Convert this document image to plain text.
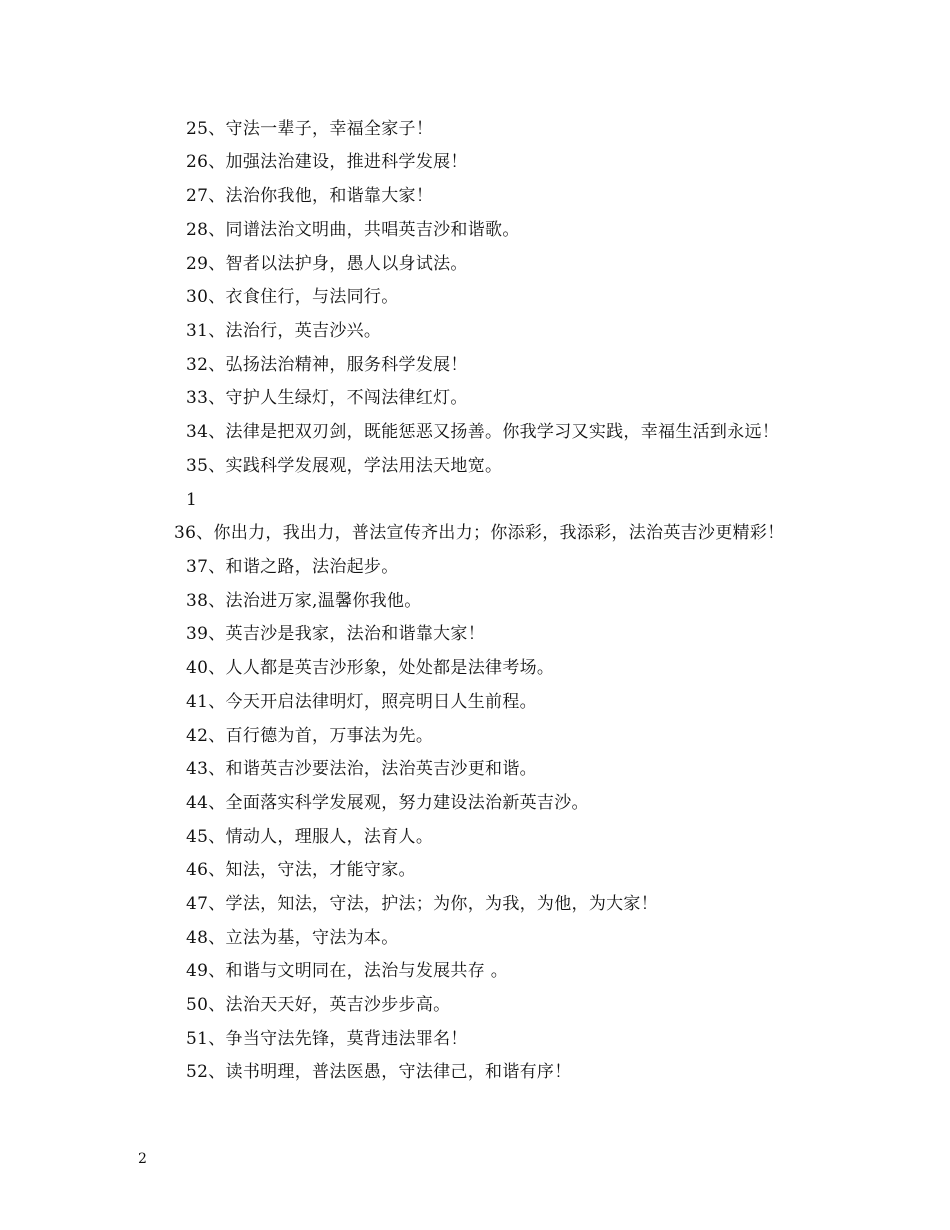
25、守法一辈子，幸福全家子！
26、加强法治建设，推进科学发展！
27、法治你我他，和谐靠大家！
28、同谱法治文明曲，共唱英吉沙和谐歌。
29、智者以法护身，愚人以身试法。
30、衣食住行，与法同行。
31、法治行，英吉沙兴。
32、弘扬法治精神，服务科学发展！
33、守护人生绿灯，不闯法律红灯。
34、法律是把双刃剑，既能惩恶又扬善。你我学习又实践，幸福生活到永远！
35、实践科学发展观，学法用法天地宽。
1
36、你出力，我出力，普法宣传齐出力；你添彩，我添彩，法治英吉沙更精彩！
37、和谐之路，法治起步。
38、法治进万家,温馨你我他。
39、英吉沙是我家，法治和谐靠大家！
40、人人都是英吉沙形象，处处都是法律考场。
41、今天开启法律明灯，照亮明日人生前程。
42、百行德为首，万事法为先。
43、和谐英吉沙要法治，法治英吉沙更和谐。
44、全面落实科学发展观，努力建设法治新英吉沙。
45、情动人，理服人，法育人。
46、知法，守法，才能守家。
47、学法，知法，守法，护法；为你，为我，为他，为大家！
48、立法为基，守法为本。
49、和谐与文明同在，法治与发展共存 。
50、法治天天好，英吉沙步步高。
51、争当守法先锋，莫背违法罪名！
52、读书明理，普法医愚，守法律己，和谐有序！
2
